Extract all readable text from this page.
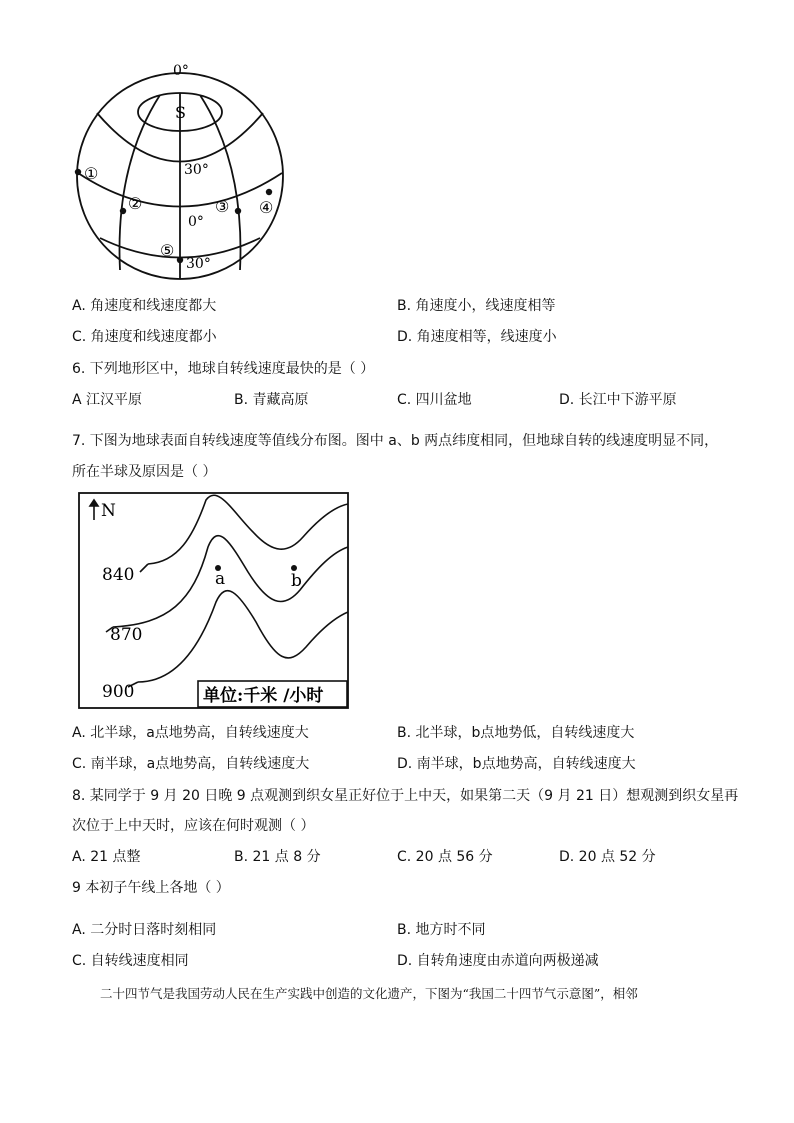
0°
S
30°
0°
30°
①
②	③ ④
⑤
A. 角速度和线速度都大	B. 角速度小，线速度相等
C. 角速度和线速度都小	D. 角速度相等，线速度小
6. 下列地形区中，地球自转线速度最快的是（ ）
A 江汉平原	B. 青藏高原	C. 四川盆地	D. 长江中下游平原
7. 下图为地球表面自转线速度等值线分布图。图中 a、b 两点纬度相同，但地球自转的线速度明显不同，
所在半球及原因是（ ）
N
840
870
900
a	b
单位:千米 /小时
A. 北半球，a点地势高，自转线速度大	B. 北半球，b点地势低，自转线速度大
C. 南半球，a点地势高，自转线速度大	D. 南半球，b点地势高，自转线速度大
8. 某同学于 9 月 20 日晚 9 点观测到织女星正好位于上中天，如果第二天（9 月 21 日）想观测到织女星再
次位于上中天时，应该在何时观测（ ）
A. 21 点整	B. 21 点 8 分	C. 20 点 56 分	D. 20 点 52 分
9 本初子午线上各地（ ）
A. 二分时日落时刻相同	B. 地方时不同
C. 自转线速度相同	D. 自转角速度由赤道向两极递减
二十四节气是我国劳动人民在生产实践中创造的文化遗产，下图为“我国二十四节气示意图”，相邻
